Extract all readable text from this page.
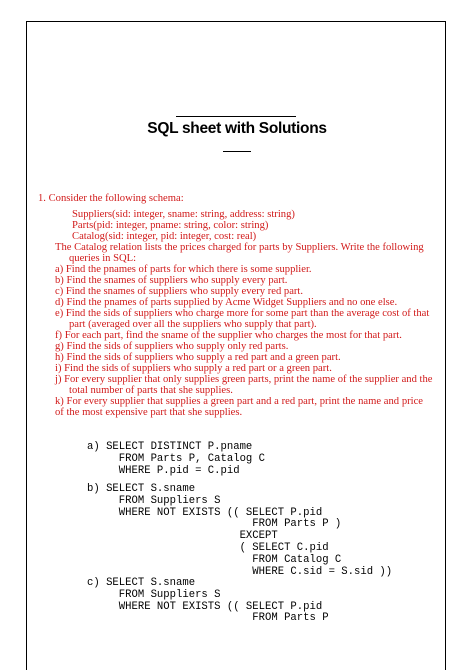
SQL sheet with Solutions
1. Consider the following schema:
Suppliers(sid: integer, sname: string, address: string)
Parts(pid: integer, pname: string, color: string)
Catalog(sid: integer, pid: integer, cost: real)
The Catalog relation lists the prices charged for parts by Suppliers. Write the following
queries in SQL:
a) Find the pnames of parts for which there is some supplier.
b) Find the snames of suppliers who supply every part.
c) Find the snames of suppliers who supply every red part.
d) Find the pnames of parts supplied by Acme Widget Suppliers and no one else.
e) Find the sids of suppliers who charge more for some part than the average cost of that
part (averaged over all the suppliers who supply that part).
f) For each part, find the sname of the supplier who charges the most for that part.
g) Find the sids of suppliers who supply only red parts.
h) Find the sids of suppliers who supply a red part and a green part.
i) Find the sids of suppliers who supply a red part or a green part.
j) For every supplier that only supplies green parts, print the name of the supplier and the
total number of parts that she supplies.
k) For every supplier that supplies a green part and a red part, print the name and price of the most expensive part that she supplies.
a) SELECT DISTINCT P.pname
FROM Parts P, Catalog C
WHERE P.pid = C.pid
b) SELECT S.sname
FROM Suppliers S
WHERE NOT EXISTS (( SELECT P.pid
FROM Parts P )
EXCEPT
( SELECT C.pid
FROM Catalog C
WHERE C.sid = S.sid ))
c) SELECT S.sname
FROM Suppliers S
WHERE NOT EXISTS (( SELECT P.pid
FROM Parts P
